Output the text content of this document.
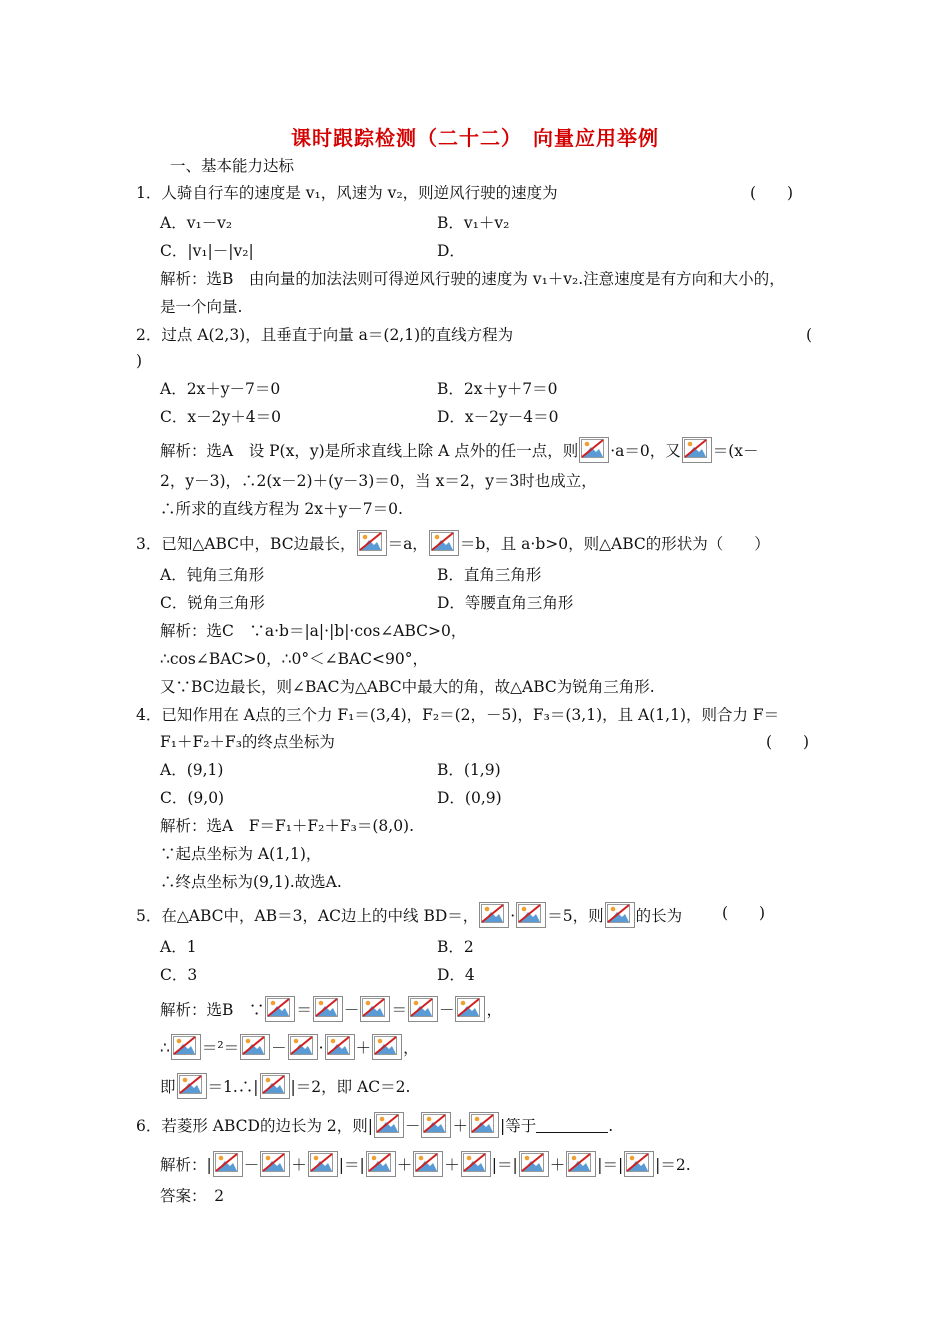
课时跟踪检测（二十二）　向量应用举例
一、基本能力达标
1．人骑自行车的速度是 v₁，风速为 v₂，则逆风行驶的速度为	(　　)
A．v₁－v₂	B．v₁＋v₂
C．|v₁|－|v₂|	D．
解析：选B　由向量的加法法则可得逆风行驶的速度为 v₁＋v₂.注意速度是有方向和大小的，
是一个向量.
2．过点 A(2,3)，且垂直于向量 a＝(2,1)的直线方程为	(
)
A．2x＋y－7＝0	B．2x＋y＋7＝0
C．x－2y＋4＝0	D．x－2y－4＝0
解析：选A　设 P(x，y)是所求直线上除 A 点外的任一点，则 ·a＝0，又 ＝(x－
2，y－3)，∴2(x－2)＋(y－3)＝0，当 x＝2，y＝3时也成立，
∴所求的直线方程为 2x＋y－7＝0.
3．已知△ABC中，BC边最长， ＝a， ＝b，且 a·b>0，则△ABC的形状为（　　）
A．钝角三角形	B．直角三角形
C．锐角三角形	D．等腰直角三角形
解析：选C　∵a·b＝|a|·|b|·cos∠ABC>0，
∴cos∠BAC>0，∴0°＜∠BAC<90°，
又∵BC边最长，则∠BAC为△ABC中最大的角，故△ABC为锐角三角形.
4．已知作用在 A点的三个力 F₁＝(3,4)，F₂＝(2，－5)，F₃＝(3,1)，且 A(1,1)，则合力 F＝
F₁＋F₂＋F₃的终点坐标为	(　　)
A．(9,1)	B．(1,9)
C．(9,0)	D．(0,9)
解析：选A　F＝F₁＋F₂＋F₃＝(8,0).
∵起点坐标为 A(1,1)，
∴终点坐标为(9,1).故选A.
5．在△ABC中，AB＝3，AC边上的中线 BD＝， · ＝5，则 的长为	(　　)
A．1	B．2
C．3	D．4
解析：选B　∵ ＝ － ＝ － ，
∴ ＝²＝ － · ＋ ，
即 ＝1.∴| |＝2，即 AC＝2.
6．若菱形 ABCD的边长为 2，则| － ＋ |等于	.
解析：| － ＋ |＝| ＋ ＋ |＝| ＋ |＝| |＝2.
答案：　2
